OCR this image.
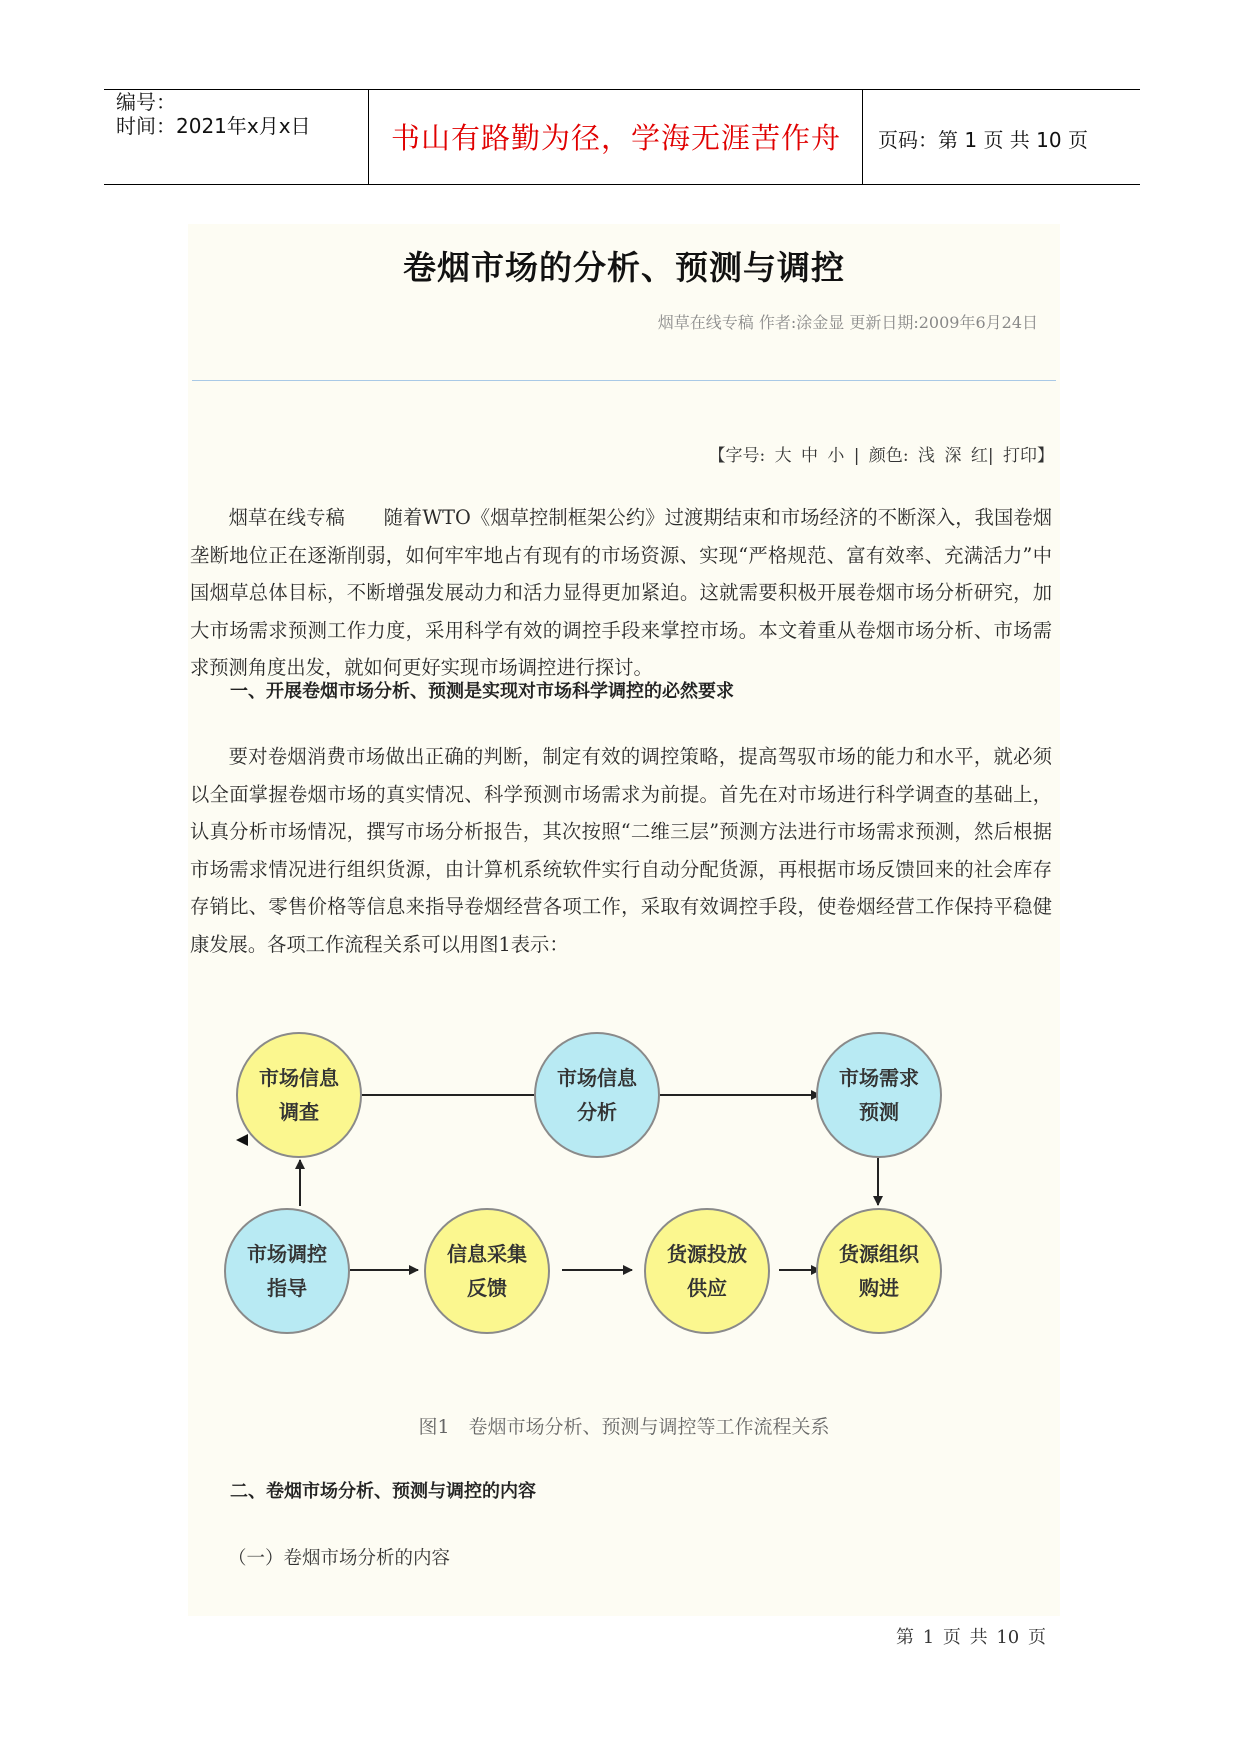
编号：
时间：2021年x月x日	书山有路勤为径，学海无涯苦作舟	页码：第 1 页 共 10 页
卷烟市场的分析、预测与调控
烟草在线专稿 作者:涂金显 更新日期:2009年6月24日
【字号: 大 中 小 | 颜色: 浅 深 红| 打印】

烟草在线专稿　　随着WTO《烟草控制框架公约》过渡期结束和市场经济的不断深入，我国卷烟垄断地位正在逐渐削弱，如何牢牢地占有现有的市场资源、实现“严格规范、富有效率、充满活力”中国烟草总体目标，不断增强发展动力和活力显得更加紧迫。这就需要积极开展卷烟市场分析研究，加大市场需求预测工作力度，采用科学有效的调控手段来掌控市场。本文着重从卷烟市场分析、市场需求预测角度出发，就如何更好实现市场调控进行探讨。

一、开展卷烟市场分析、预测是实现对市场科学调控的必然要求

要对卷烟消费市场做出正确的判断，制定有效的调控策略，提高驾驭市场的能力和水平，就必须以全面掌握卷烟市场的真实情况、科学预测市场需求为前提。首先在对市场进行科学调查的基础上，认真分析市场情况，撰写市场分析报告，其次按照“二维三层”预测方法进行市场需求预测，然后根据市场需求情况进行组织货源，由计算机系统软件实行自动分配货源，再根据市场反馈回来的社会库存存销比、零售价格等信息来指导卷烟经营各项工作，采取有效调控手段，使卷烟经营工作保持平稳健康发展。各项工作流程关系可以用图1表示：

市场信息调查
市场信息分析
市场需求预测
市场调控指导
信息采集反馈
货源投放供应
货源组织购进
图1　卷烟市场分析、预测与调控等工作流程关系
二、卷烟市场分析、预测与调控的内容
（一）卷烟市场分析的内容
第 1 页 共 10 页
